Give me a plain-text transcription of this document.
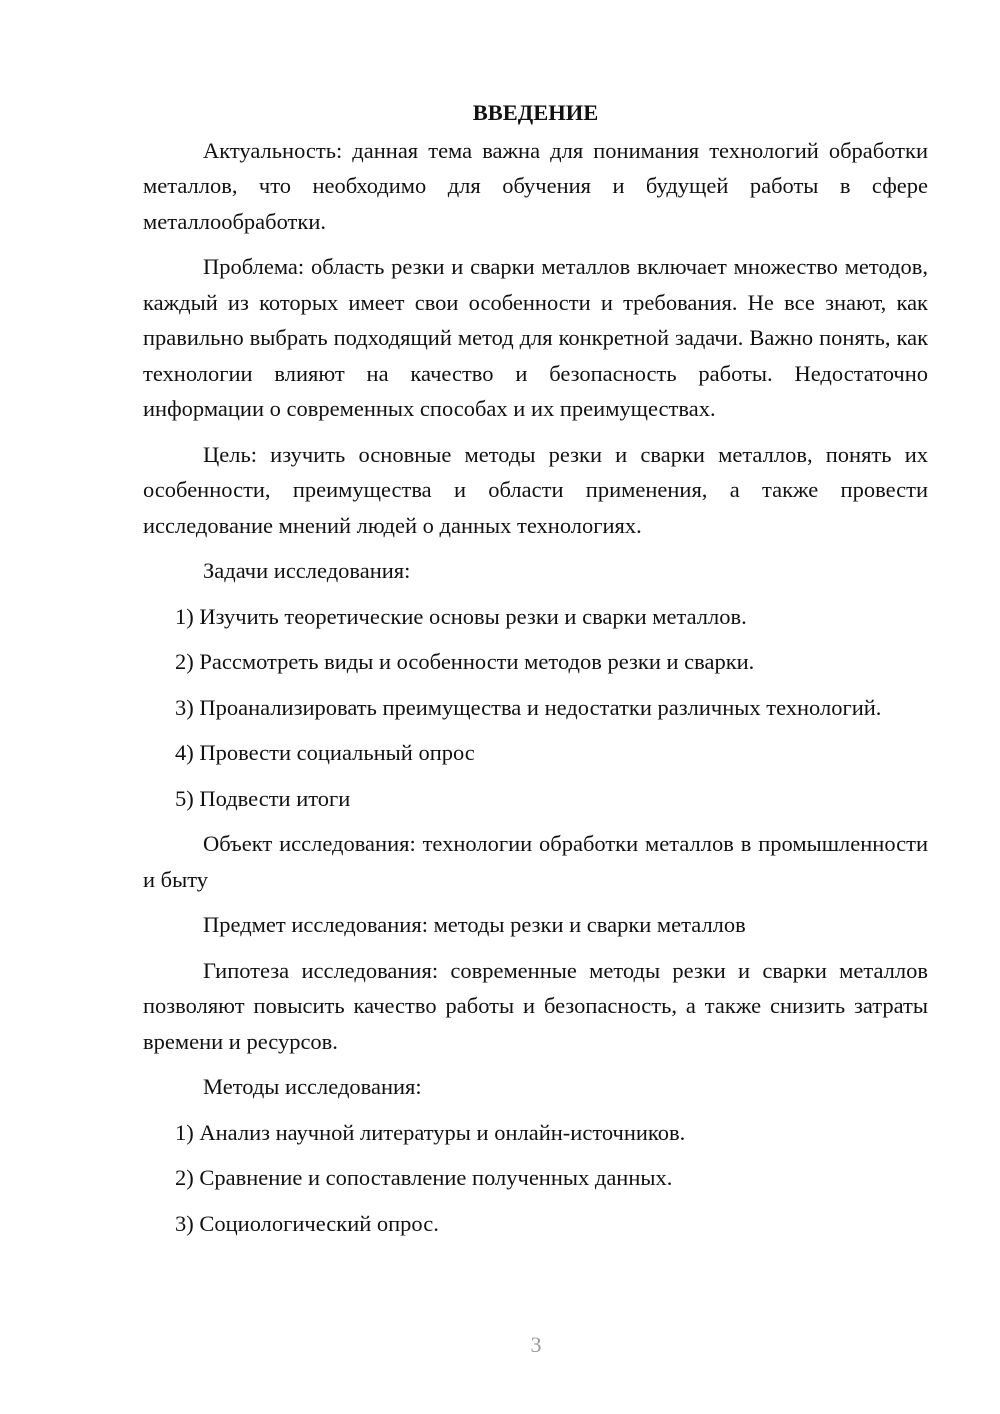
ВВЕДЕНИЕ

Актуальность: данная тема важна для понимания технологий обработки металлов, что необходимо для обучения и будущей работы в сфере металлообработки.

Проблема: область резки и сварки металлов включает множество методов, каждый из которых имеет свои особенности и требования. Не все знают, как правильно выбрать подходящий метод для конкретной задачи. Важно понять, как технологии влияют на качество и безопасность работы. Недостаточно информации о современных способах и их преимуществах.

Цель: изучить основные методы резки и сварки металлов, понять их особенности, преимущества и области применения, а также провести исследование мнений людей о данных технологиях.

Задачи исследования:

1) Изучить теоретические основы резки и сварки металлов.

2) Рассмотреть виды и особенности методов резки и сварки.

3) Проанализировать преимущества и недостатки различных технологий.

4) Провести социальный опрос

5) Подвести итоги

Объект исследования: технологии обработки металлов в промышленности и быту

Предмет исследования: методы резки и сварки металлов

Гипотеза исследования: современные методы резки и сварки металлов позволяют повысить качество работы и безопасность, а также снизить затраты времени и ресурсов.

Методы исследования:

1) Анализ научной литературы и онлайн-источников.

2) Сравнение и сопоставление полученных данных.

3) Социологический опрос.

3
